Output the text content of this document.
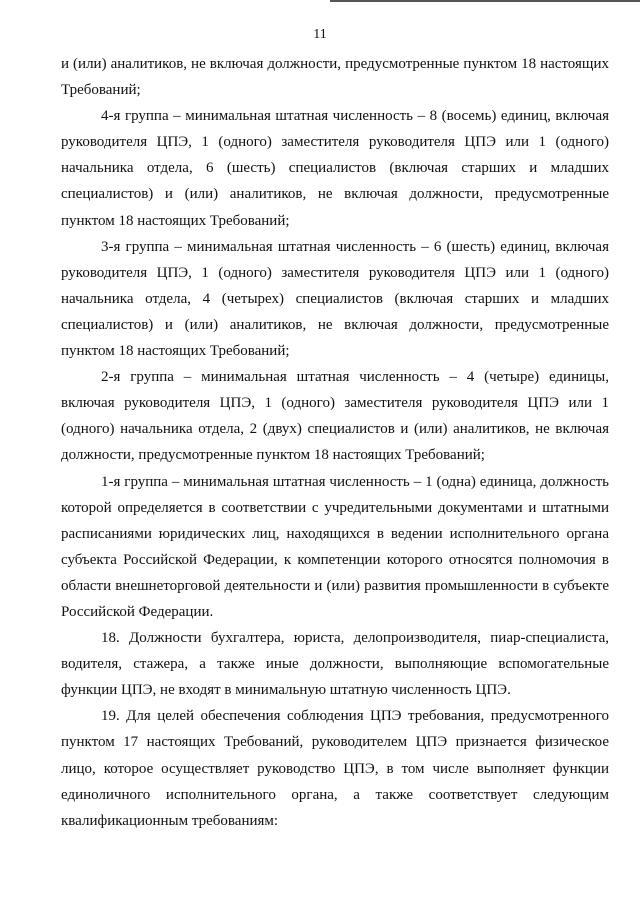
11

и (или) аналитиков, не включая должности, предусмотренные пунктом 18 настоящих Требований;

4-я группа – минимальная штатная численность – 8 (восемь) единиц, включая руководителя ЦПЭ, 1 (одного) заместителя руководителя ЦПЭ или 1 (одного) начальника отдела, 6 (шесть) специалистов (включая старших и младших специалистов) и (или) аналитиков, не включая должности, предусмотренные пунктом 18 настоящих Требований;

3-я группа – минимальная штатная численность – 6 (шесть) единиц, включая руководителя ЦПЭ, 1 (одного) заместителя руководителя ЦПЭ или 1 (одного) начальника отдела, 4 (четырех) специалистов (включая старших и младших специалистов) и (или) аналитиков, не включая должности, предусмотренные пунктом 18 настоящих Требований;

2-я группа – минимальная штатная численность – 4 (четыре) единицы, включая руководителя ЦПЭ, 1 (одного) заместителя руководителя ЦПЭ или 1 (одного) начальника отдела, 2 (двух) специалистов и (или) аналитиков, не включая должности, предусмотренные пунктом 18 настоящих Требований;

1-я группа – минимальная штатная численность – 1 (одна) единица, должность которой определяется в соответствии с учредительными документами и штатными расписаниями юридических лиц, находящихся в ведении исполнительного органа субъекта Российской Федерации, к компетенции которого относятся полномочия в области внешнеторговой деятельности и (или) развития промышленности в субъекте Российской Федерации.

18. Должности бухгалтера, юриста, делопроизводителя, пиар-специалиста, водителя, стажера, а также иные должности, выполняющие вспомогательные функции ЦПЭ, не входят в минимальную штатную численность ЦПЭ.

19. Для целей обеспечения соблюдения ЦПЭ требования, предусмотренного пунктом 17 настоящих Требований, руководителем ЦПЭ признается физическое лицо, которое осуществляет руководство ЦПЭ, в том числе выполняет функции единоличного исполнительного органа, а также соответствует следующим квалификационным требованиям:
